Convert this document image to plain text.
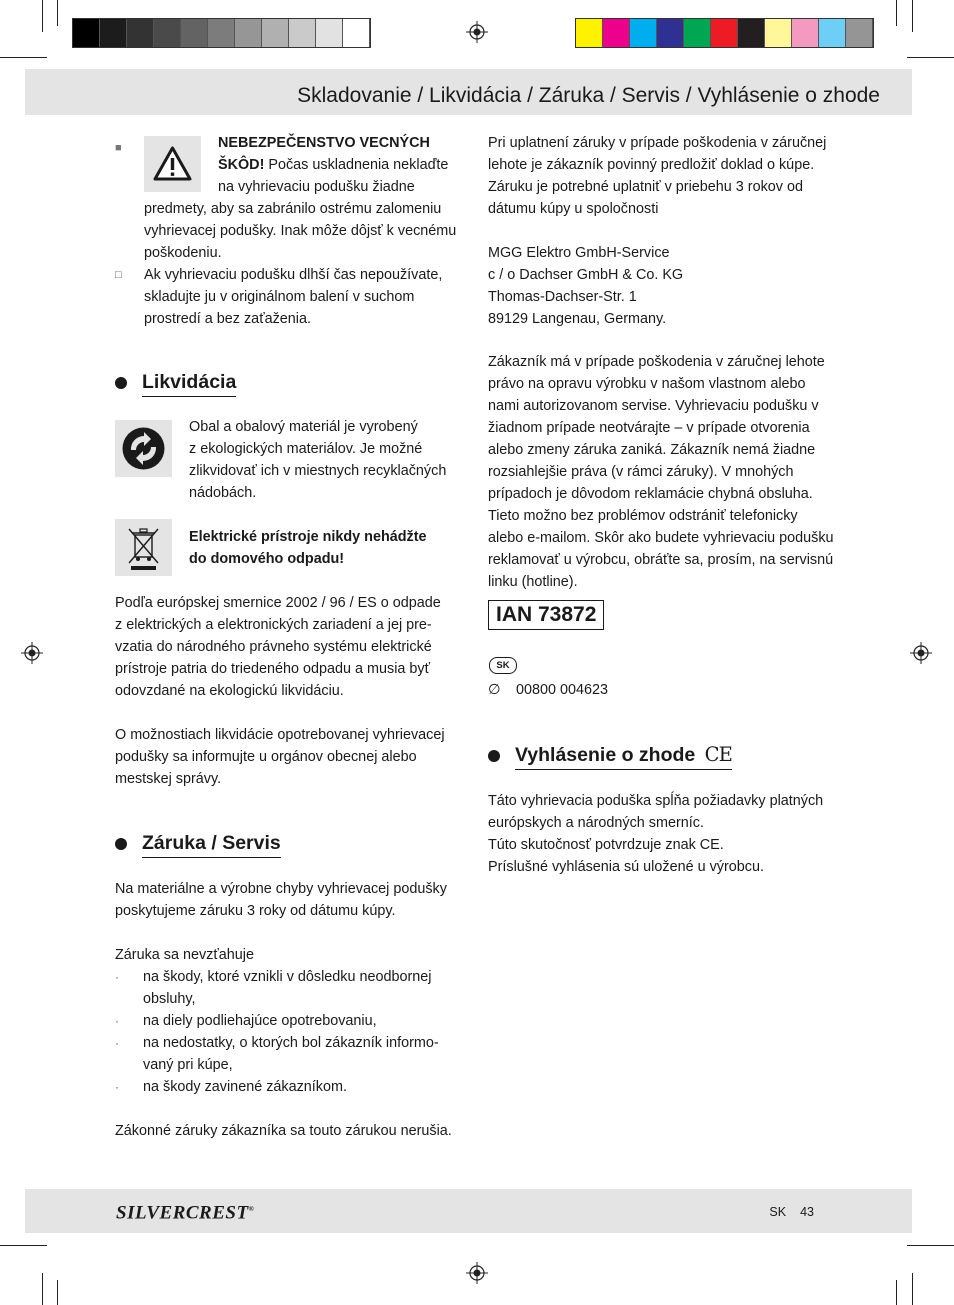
Skladovanie / Likvidácia / Záruka / Servis / Vyhlásenie o zhode
■	NEBEZPEČENSTVO VECNÝCH ŠKÔD! Počas uskladnenia neklaďte

na vyhrievaciu podušku žiadne

predmety, aby sa zabránilo ostrému zalomeniu

vyhrievacej podušky. Inak môže dôjsť k vecnému

poškodeniu.

□ Ak vyhrievaciu podušku dlhší čas nepoužívate,

skladujte ju v originálnom balení v suchom

prostredí a bez zaťaženia.

Likvidácia

Obal a obalový materiál je vyrobený

z ekologických materiálov. Je možné

zlikvidovať ich v miestnych recyklačných

nádobách.

Elektrické prístroje nikdy nehádžte

do domového odpadu!

Podľa európskej smernice 2002 / 96 / ES o odpade

z elektrických a elektronických zariadení a jej pre-

vzatia do národného právneho systému elektrické

prístroje patria do triedeného odpadu a musia byť

odovzdané na ekologickú likvidáciu.

O možnostiach likvidácie opotrebovanej vyhrievacej

podušky sa informujte u orgánov obecnej alebo

mestskej správy.

Záruka / Servis

Na materiálne a výrobne chyby vyhrievacej podušky

poskytujeme záruku 3 roky od dátumu kúpy.

Záruka sa nevzťahuje
· na škody, ktoré vznikli v dôsledku neodbornej
obsluhy,
· na diely podliehajúce opotrebovaniu,
· na nedostatky, o ktorých bol zákazník informo-
vaný pri kúpe,
· na škody zavinené zákazníkom.
Zákonné záruky zákazníka sa touto zárukou nerušia.

Pri uplatnení záruky v prípade poškodenia v záručnej

lehote je zákazník povinný predložiť doklad o kúpe.

Záruku je potrebné uplatniť v priebehu 3 rokov od

dátumu kúpy u spoločnosti

MGG Elektro GmbH-Service

c / o Dachser GmbH & Co. KG

Thomas-Dachser-Str. 1

89129 Langenau, Germany.

Zákazník má v prípade poškodenia v záručnej lehote

právo na opravu výrobku v našom vlastnom alebo

nami autorizovanom servise. Vyhrievaciu podušku v

žiadnom prípade neotvárajte – v prípade otvorenia

alebo zmeny záruka zaniká. Zákazník nemá žiadne

rozsiahlejšie práva (v rámci záruky). V mnohých

prípadoch je dôvodom reklamácie chybná obsluha.

Tieto možno bez problémov odstrániť telefonicky

alebo e-mailom. Skôr ako budete vyhrievaciu podušku

reklamovať u výrobcu, obráťte sa, prosím, na servisnú

linku (hotline).

IAN 73872
SK
∅	00800 004623
Vyhlásenie o zhode CE

Táto vyhrievacia poduška spĺňa požiadavky platných

európskych a národných smerníc.

Túto skutočnosť potvrdzuje znak CE.

Príslušné vyhlásenia sú uložené u výrobcu.

SILVERCREST®	SK 43
